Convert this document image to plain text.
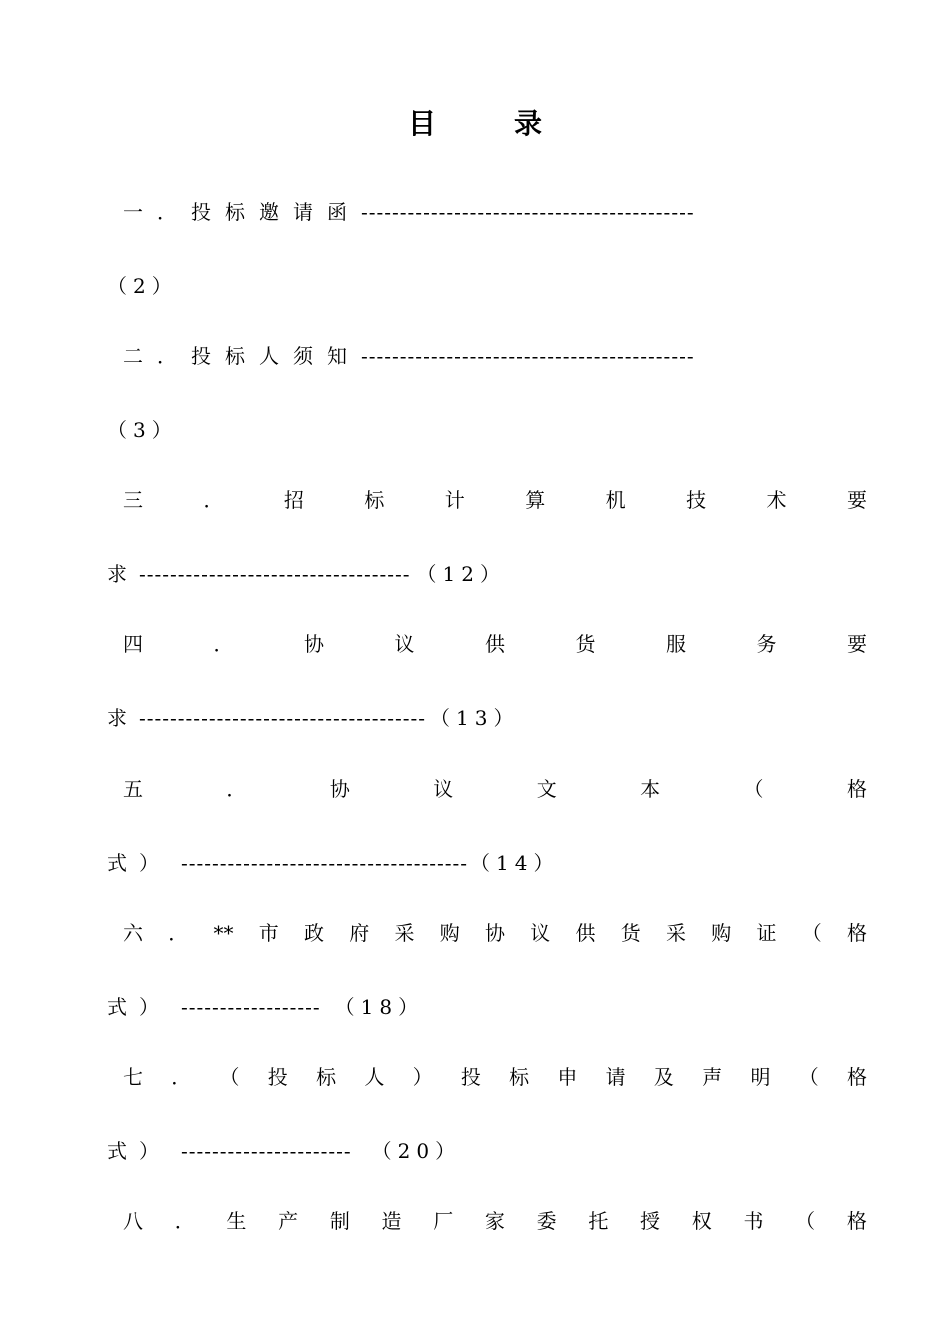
目	录
一．投标邀请函 -------------------------------------------
（2）
二．投标人须知 -------------------------------------------
（3）
三	．	招	标	计	算	机	技	术	要
求 ----------------------------------- （12）
四	．	协	议	供	货	服	务	要
求 ------------------------------------- （13）
五	．	协	议	文	本	（	格
式） ------------------------------------- （14）
六 ． ** 市 政 府 采 购 协 议 供 货 采 购 证 （ 格
式） ------------------ （18）
七 ． （ 投 标 人 ） 投 标 申 请 及 声 明 （ 格
式） ---------------------- （20）
八 ． 生 产 制 造 厂 家 委 托 授 权 书 （ 格
